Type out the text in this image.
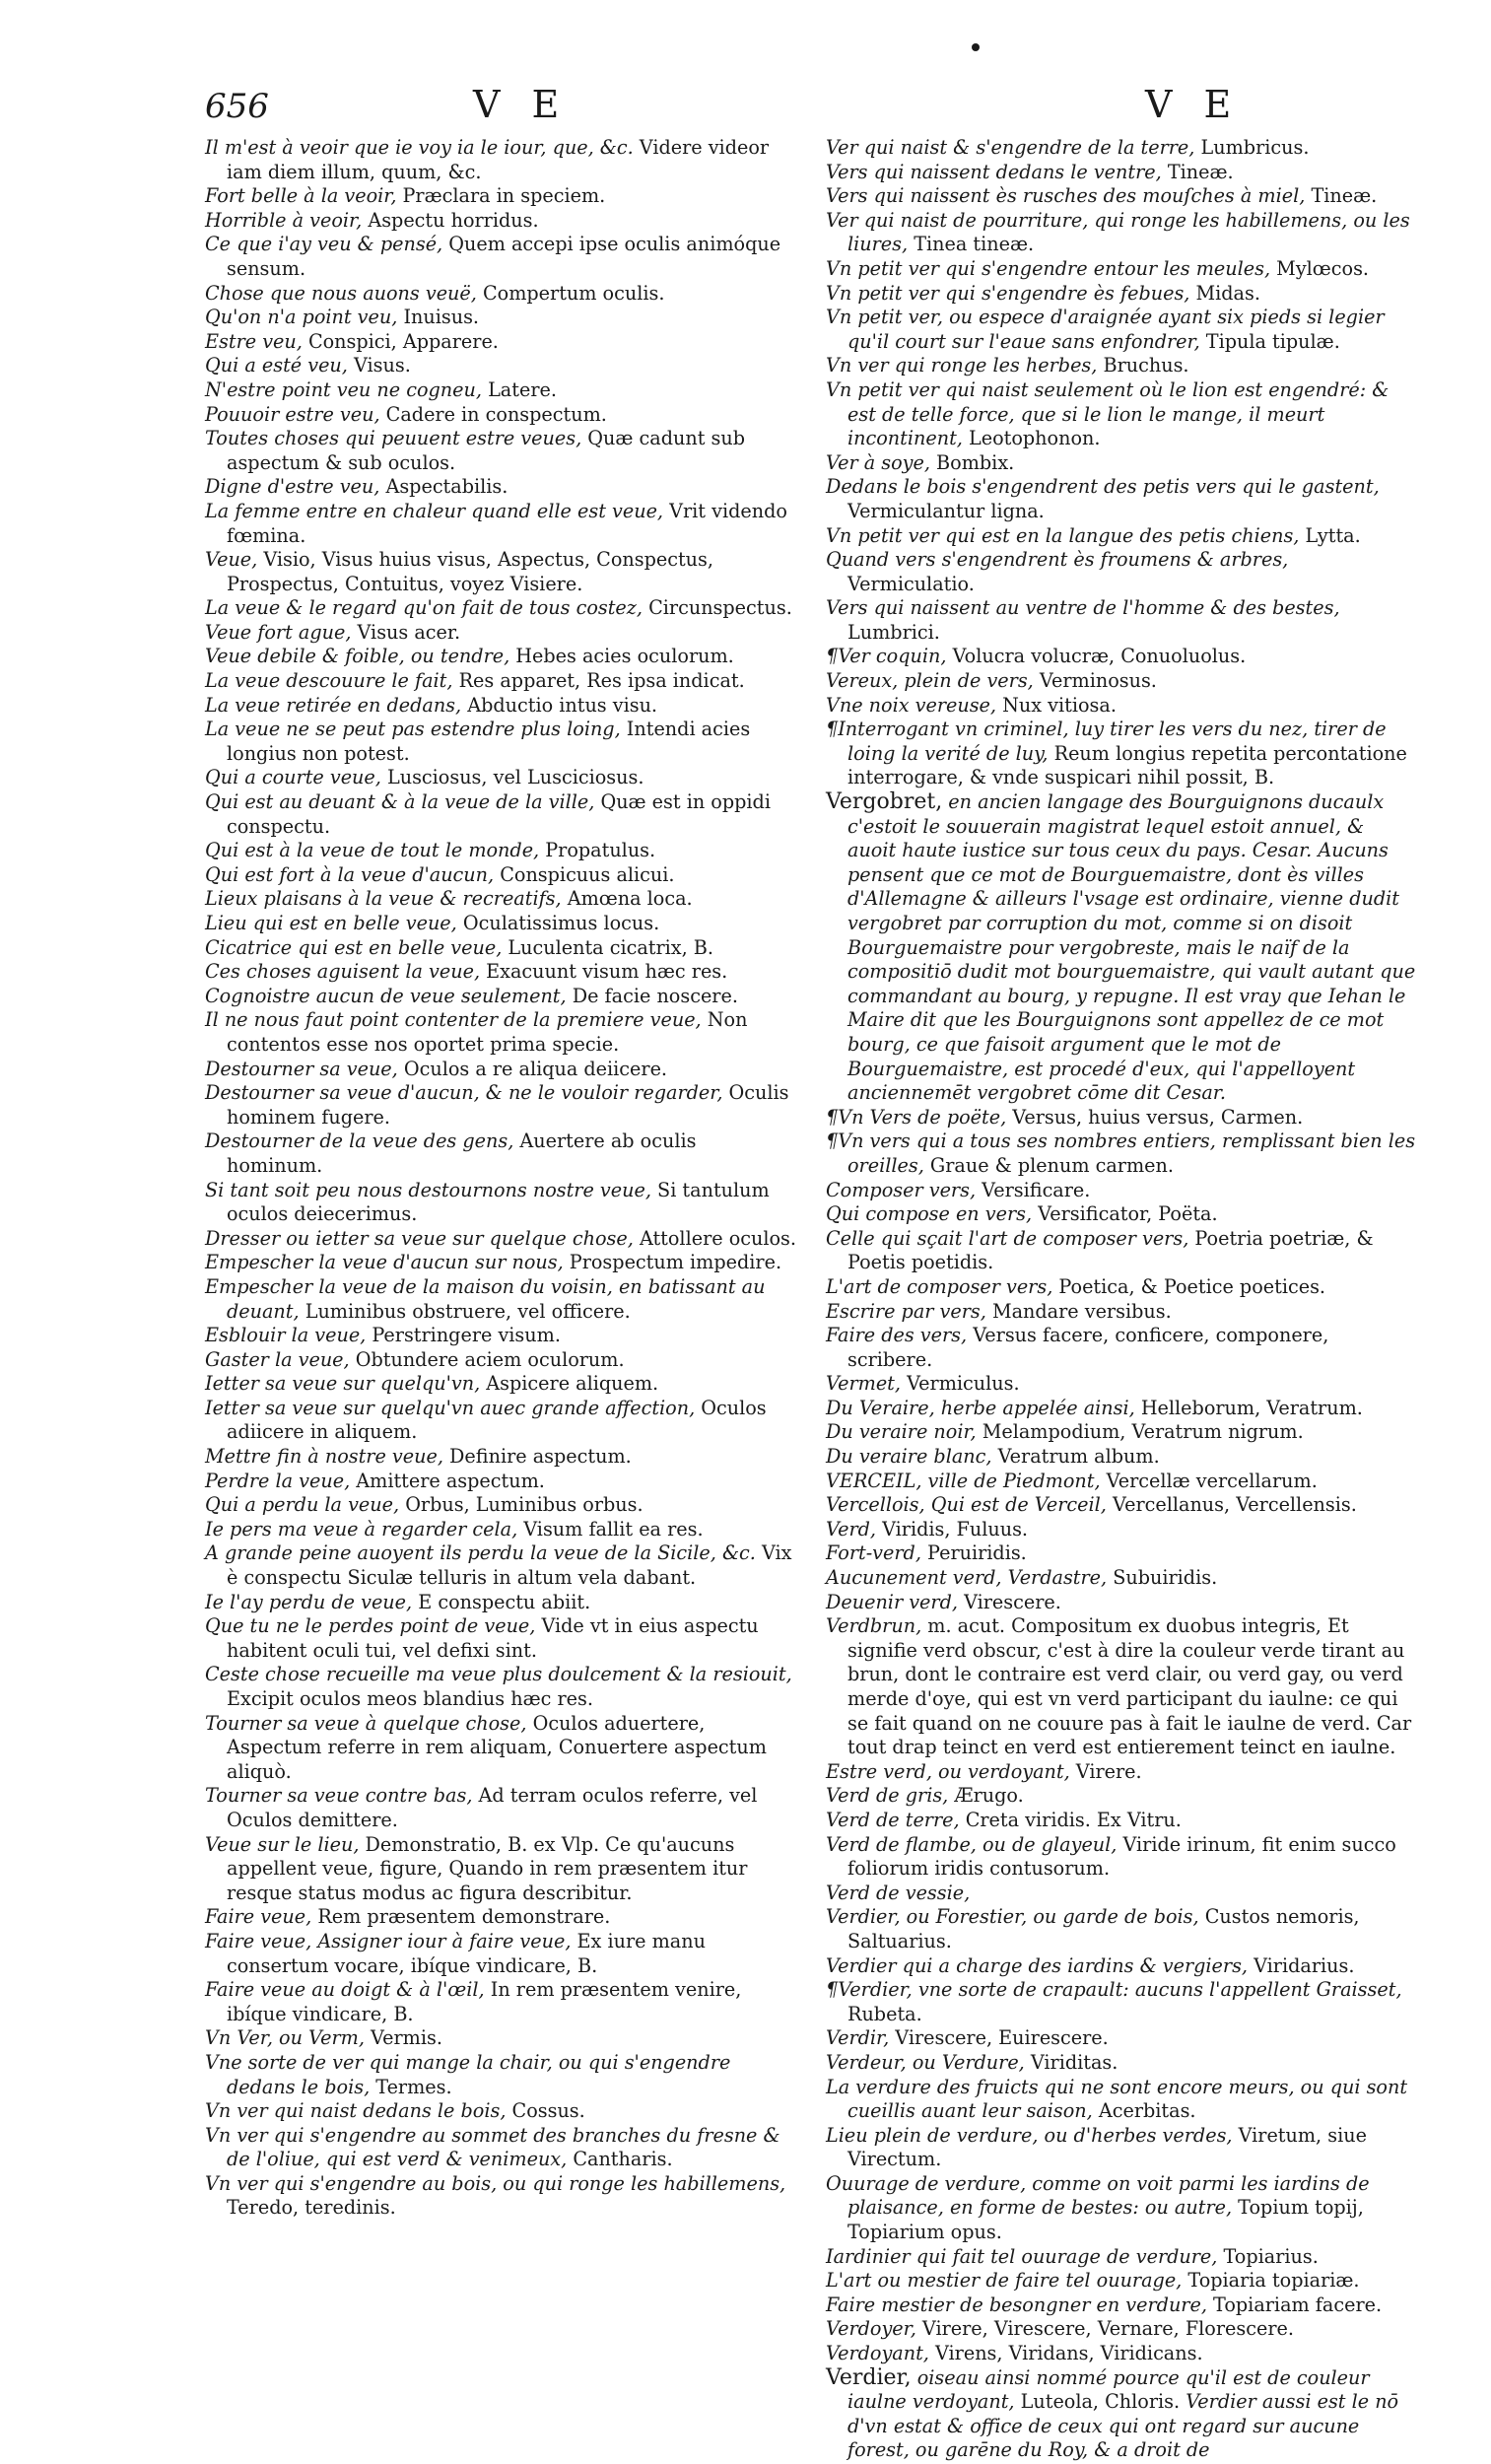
656	V E	V E

Il m'est à veoir que ie voy ia le iour, que, &c. Videre videor iam diem illum, quum, &c.

Fort belle à la veoir, Præclara in speciem.

Horrible à veoir, Aspectu horridus.

Ce que i'ay veu & pensé, Quem accepi ipse oculis animóque sensum.

Chose que nous auons veuë, Compertum oculis.

Qu'on n'a point veu, Inuisus.

Estre veu, Conspici, Apparere.

Qui a esté veu, Visus.

N'estre point veu ne cogneu, Latere.

Pouuoir estre veu, Cadere in conspectum.

Toutes choses qui peuuent estre veues, Quæ cadunt sub aspectum & sub oculos.

Digne d'estre veu, Aspectabilis.

La femme entre en chaleur quand elle est veue, Vrit videndo fœmina.

Veue, Visio, Visus huius visus, Aspectus, Conspectus, Prospectus, Contuitus, voyez Visiere.

La veue & le regard qu'on fait de tous costez, Circunspectus.

Veue fort ague, Visus acer.

Veue debile & foible, ou tendre, Hebes acies oculorum.

La veue descouure le fait, Res apparet, Res ipsa indicat.

La veue retirée en dedans, Abductio intus visu.

La veue ne se peut pas estendre plus loing, Intendi acies longius non potest.

Qui a courte veue, Lusciosus, vel Lusciciosus.

Qui est au deuant & à la veue de la ville, Quæ est in oppidi conspectu.

Qui est à la veue de tout le monde, Propatulus.

Qui est fort à la veue d'aucun, Conspicuus alicui.

Lieux plaisans à la veue & recreatifs, Amœna loca.

Lieu qui est en belle veue, Oculatissimus locus.

Cicatrice qui est en belle veue, Luculenta cicatrix, B.

Ces choses aguisent la veue, Exacuunt visum hæc res.

Cognoistre aucun de veue seulement, De facie noscere.

Il ne nous faut point contenter de la premiere veue, Non contentos esse nos oportet prima specie.

Destourner sa veue, Oculos a re aliqua deiicere.

Destourner sa veue d'aucun, & ne le vouloir regarder, Oculis hominem fugere.

Destourner de la veue des gens, Auertere ab oculis hominum.

Si tant soit peu nous destournons nostre veue, Si tantulum oculos deiecerimus.

Dresser ou ietter sa veue sur quelque chose, Attollere oculos.

Empescher la veue d'aucun sur nous, Prospectum impedire.

Empescher la veue de la maison du voisin, en batissant au deuant, Luminibus obstruere, vel officere.

Esblouir la veue, Perstringere visum.

Gaster la veue, Obtundere aciem oculorum.

Ietter sa veue sur quelqu'vn, Aspicere aliquem.

Ietter sa veue sur quelqu'vn auec grande affection, Oculos adiicere in aliquem.

Mettre fin à nostre veue, Definire aspectum.

Perdre la veue, Amittere aspectum.

Qui a perdu la veue, Orbus, Luminibus orbus.

Ie pers ma veue à regarder cela, Visum fallit ea res.

A grande peine auoyent ils perdu la veue de la Sicile, &c. Vix è conspectu Siculæ telluris in altum vela dabant.

Ie l'ay perdu de veue, E conspectu abiit.

Que tu ne le perdes point de veue, Vide vt in eius aspectu habitent oculi tui, vel defixi sint.

Ceste chose recueille ma veue plus doulcement & la resiouit, Excipit oculos meos blandius hæc res.

Tourner sa veue à quelque chose, Oculos aduertere, Aspectum referre in rem aliquam, Conuertere aspectum aliquò.

Tourner sa veue contre bas, Ad terram oculos referre, vel Oculos demittere.

Veue sur le lieu, Demonstratio, B. ex Vlp. Ce qu'aucuns appellent veue, figure, Quando in rem præsentem itur resque status modus ac figura describitur.

Faire veue, Rem præsentem demonstrare.

Faire veue, Assigner iour à faire veue, Ex iure manu consertum vocare, ibíque vindicare, B.

Faire veue au doigt & à l'œil, In rem præsentem venire, ibíque vindicare, B.

Vn Ver, ou Verm, Vermis.

Vne sorte de ver qui mange la chair, ou qui s'engendre dedans le bois, Termes.

Vn ver qui naist dedans le bois, Cossus.

Vn ver qui s'engendre au sommet des branches du fresne & de l'oliue, qui est verd & venimeux, Cantharis.

Vn ver qui s'engendre au bois, ou qui ronge les habillemens, Teredo, teredinis.

Ver qui naist & s'engendre de la terre, Lumbricus.

Vers qui naissent dedans le ventre, Tineæ.

Vers qui naissent ès rusches des mouſches à miel, Tineæ.

Ver qui naist de pourriture, qui ronge les habillemens, ou les liures, Tinea tineæ.

Vn petit ver qui s'engendre entour les meules, Mylœcos.

Vn petit ver qui s'engendre ès febues, Midas.

Vn petit ver, ou espece d'araignée ayant six pieds si legier qu'il court sur l'eaue sans enfondrer, Tipula tipulæ.

Vn ver qui ronge les herbes, Bruchus.

Vn petit ver qui naist seulement où le lion est engendré: & est de telle force, que si le lion le mange, il meurt incontinent, Leotophonon.

Ver à soye, Bombix.

Dedans le bois s'engendrent des petis vers qui le gastent, Vermiculantur ligna.

Vn petit ver qui est en la langue des petis chiens, Lytta.

Quand vers s'engendrent ès froumens & arbres, Vermiculatio.

Vers qui naissent au ventre de l'homme & des bestes, Lumbrici.

¶Ver coquin, Volucra volucræ, Conuoluolus.

Vereux, plein de vers, Verminosus.

Vne noix vereuse, Nux vitiosa.

¶Interrogant vn criminel, luy tirer les vers du nez, tirer de loing la verité de luy, Reum longius repetita percontatione interrogare, & vnde suspicari nihil possit, B.

Vergobret, en ancien langage des Bourguignons ducaulx c'estoit le souuerain magistrat lequel estoit annuel, & auoit haute iustice sur tous ceux du pays. Cesar. Aucuns pensent que ce mot de Bourguemaistre, dont ès villes d'Allemagne & ailleurs l'vsage est ordinaire, vienne dudit vergobret par corruption du mot, comme si on disoit Bourguemaistre pour vergobreste, mais le naïf de la compositiō dudit mot bourguemaistre, qui vault autant que commandant au bourg, y repugne. Il est vray que Iehan le Maire dit que les Bourguignons sont appellez de ce mot bourg, ce que faisoit argument que le mot de Bourguemaistre, est procedé d'eux, qui l'appelloyent anciennemēt vergobret cōme dit Cesar.

¶Vn Vers de poëte, Versus, huius versus, Carmen.

¶Vn vers qui a tous ses nombres entiers, remplissant bien les oreilles, Graue & plenum carmen.

Composer vers, Versificare.

Qui compose en vers, Versificator, Poëta.

Celle qui sçait l'art de composer vers, Poetria poetriæ, & Poetis poetidis.

L'art de composer vers, Poetica, & Poetice poetices.

Escrire par vers, Mandare versibus.

Faire des vers, Versus facere, conficere, componere, scribere.

Vermet, Vermiculus.

Du Veraire, herbe appelée ainsi, Helleborum, Veratrum.

Du veraire noir, Melampodium, Veratrum nigrum.

Du veraire blanc, Veratrum album.

VERCEIL, ville de Piedmont, Vercellæ vercellarum.

Vercellois, Qui est de Verceil, Vercellanus, Vercellensis.

Verd, Viridis, Fuluus.

Fort-verd, Peruiridis.

Aucunement verd, Verdastre, Subuiridis.

Deuenir verd, Virescere.

Verdbrun, m. acut. Compositum ex duobus integris, Et signifie verd obscur, c'est à dire la couleur verde tirant au brun, dont le contraire est verd clair, ou verd gay, ou verd merde d'oye, qui est vn verd participant du iaulne: ce qui se fait quand on ne couure pas à fait le iaulne de verd. Car tout drap teinct en verd est entierement teinct en iaulne.

Estre verd, ou verdoyant, Virere.

Verd de gris, Ærugo.

Verd de terre, Creta viridis. Ex Vitru.

Verd de flambe, ou de glayeul, Viride irinum, fit enim succo foliorum iridis contusorum.

Verd de vessie,

Verdier, ou Forestier, ou garde de bois, Custos nemoris, Saltuarius.

Verdier qui a charge des iardins & vergiers, Viridarius.

¶Verdier, vne sorte de crapault: aucuns l'appellent Graisset, Rubeta.

Verdir, Virescere, Euirescere.

Verdeur, ou Verdure, Viriditas.

La verdure des fruicts qui ne sont encore meurs, ou qui sont cueillis auant leur saison, Acerbitas.

Lieu plein de verdure, ou d'herbes verdes, Viretum, siue Virectum.

Ouurage de verdure, comme on voit parmi les iardins de plaisance, en forme de bestes: ou autre, Topium topij, Topiarium opus.

Iardinier qui fait tel ouurage de verdure, Topiarius.

L'art ou mestier de faire tel ouurage, Topiaria topiariæ.

Faire mestier de besongner en verdure, Topiariam facere.

Verdoyer, Virere, Virescere, Vernare, Florescere.

Verdoyant, Virens, Viridans, Viridicans.

Verdier, oiseau ainsi nommé pource qu'il est de couleur iaulne verdoyant, Luteola, Chloris. Verdier aussi est le nō d'vn estat & office de ceux qui ont regard sur aucune forest, ou garēne du Roy, & a droit de
